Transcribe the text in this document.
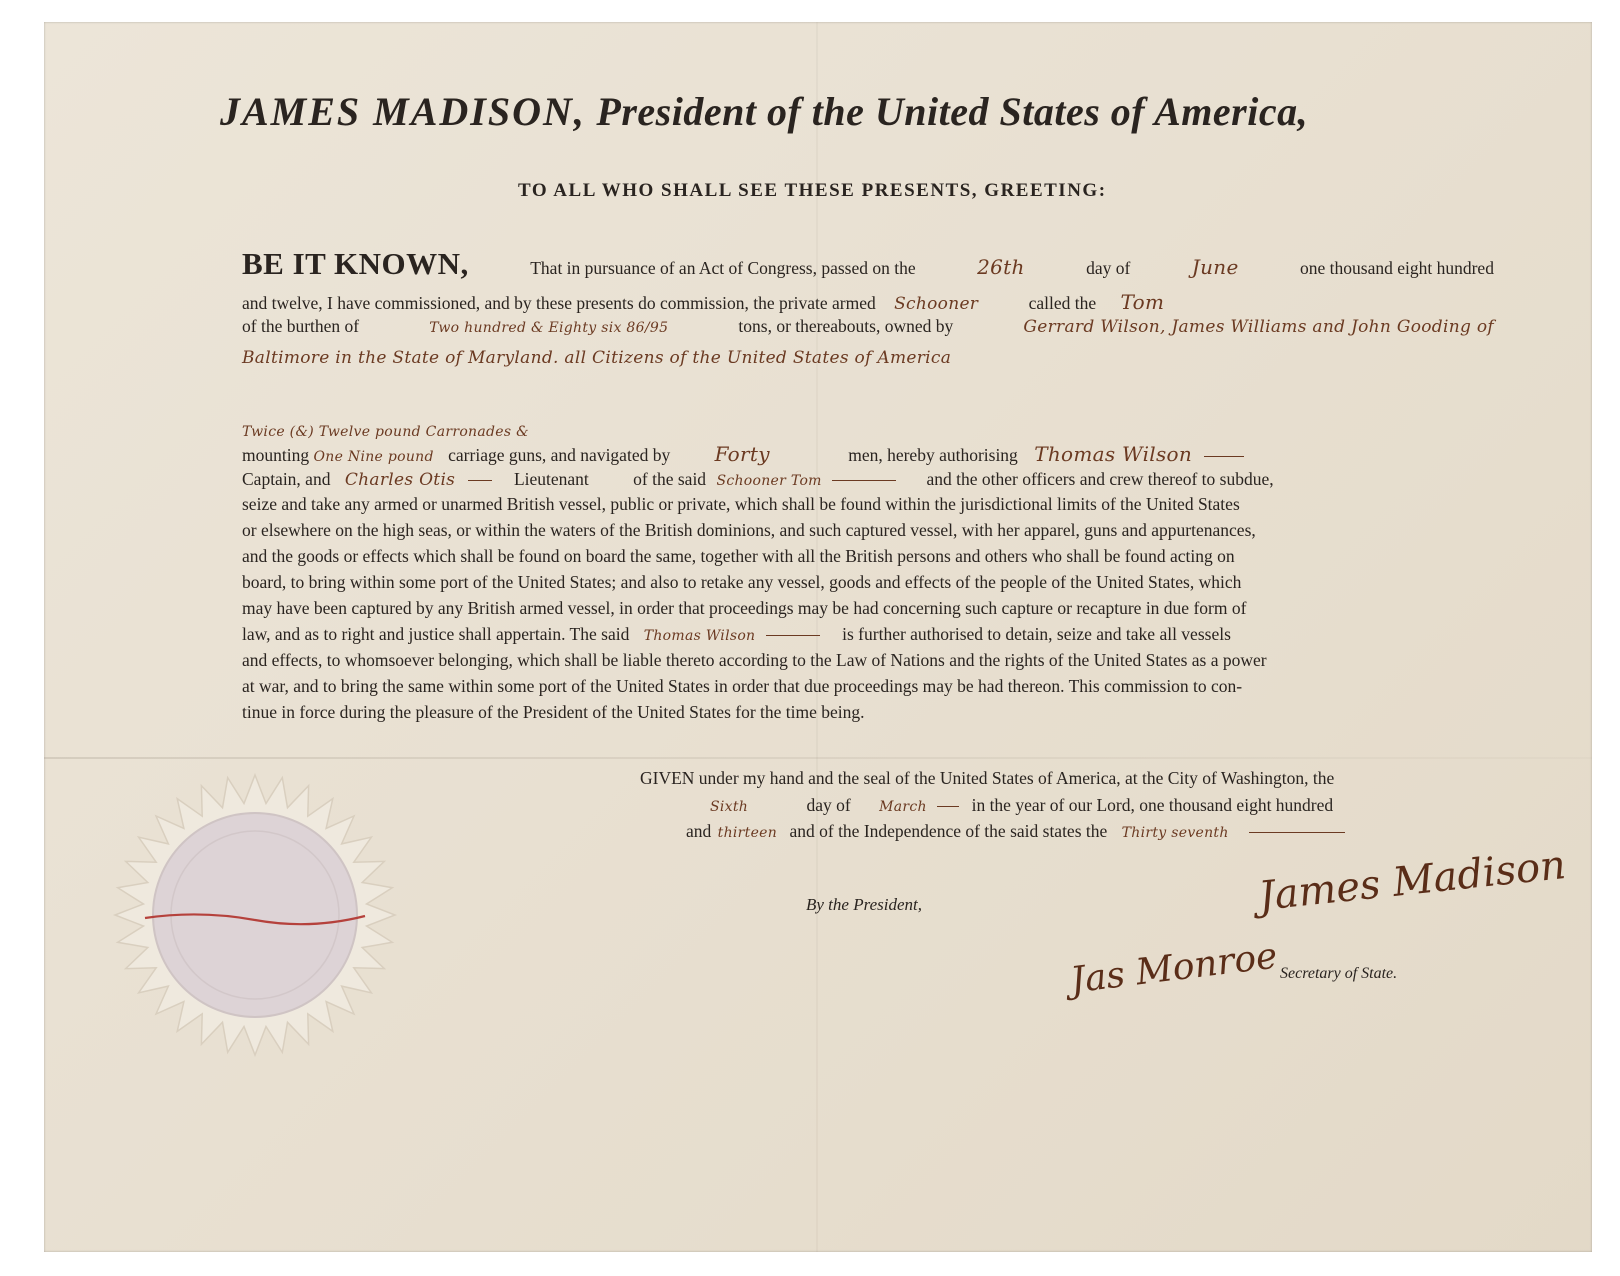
JAMES MADISON, President of the United States of America,
TO ALL WHO SHALL SEE THESE PRESENTS, GREETING:
BE IT KNOWN,	That in pursuance of an Act of Congress, passed on the	26th	day of	June	one thousand eight hundred
and twelve, I have commissioned, and by these presents do commission, the private armed Schooner	called the Tom
of the burthen of	Two hundred & Eighty six 86/95	tons, or thereabouts, owned by	Gerrard Wilson, James Williams and John Gooding of
Baltimore in the State of Maryland. all Citizens of the United States of America
Twice (&) Twelve pound Carronades &
mounting One Nine pound carriage guns, and navigated by Forty	men, hereby authorising Thomas Wilson
Captain, and Charles Otis	Lieutenant	of the said Schooner Tom	and the other officers and crew thereof to subdue,
seize and take any armed or unarmed British vessel, public or private, which shall be found within the jurisdictional limits of the United States
or elsewhere on the high seas, or within the waters of the British dominions, and such captured vessel, with her apparel, guns and appurtenances,
and the goods or effects which shall be found on board the same, together with all the British persons and others who shall be found acting on
board, to bring within some port of the United States; and also to retake any vessel, goods and effects of the people of the United States, which
may have been captured by any British armed vessel, in order that proceedings may be had concerning such capture or recapture in due form of
law, and as to right and justice shall appertain. The said Thomas Wilson	is further authorised to detain, seize and take all vessels
and effects, to whomsoever belonging, which shall be liable thereto according to the Law of Nations and the rights of the United States as a power
at war, and to bring the same within some port of the United States in order that due proceedings may be had thereon. This commission to con-
tinue in force during the pleasure of the President of the United States for the time being.
GIVEN under my hand and the seal of the United States of America, at the City of Washington, the
Sixth	day of March	in the year of our Lord, one thousand eight hundred
and thirteen and of the Independence of the said states the Thirty seventh
By the President,	James Madison
Jas Monroe Secretary of State.
